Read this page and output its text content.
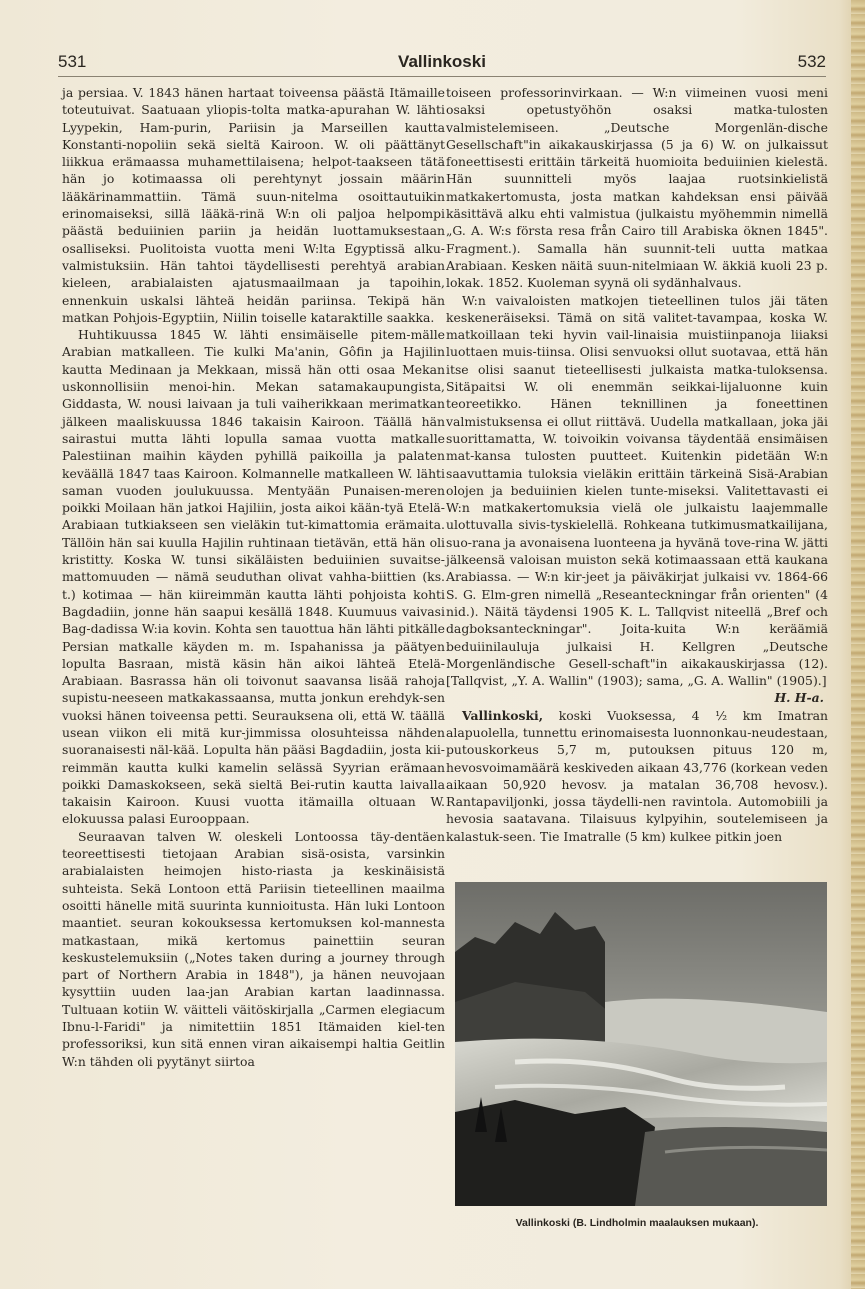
531	Vallinkoski	532

ja persiaa. V. 1843 hänen hartaat toiveensa päästä Itämaille toteutuivat. Saatuaan yliopis-tolta matka-apurahan W. lähti Lyypekin, Ham-purin, Pariisin ja Marseillen kautta Konstanti-nopoliin sekä sieltä Kairoon. W. oli päättänyt liikkua erämaassa muhamettilaisena; helpot-taakseen tätä hän jo kotimaassa oli perehtynyt jossain määrin lääkärinammattiin. Tämä suun-nitelma osoittautuikin erinomaiseksi, sillä lääkä-rinä W:n oli paljoa helpompi päästä beduiinien pariin ja heidän luottamuksestaan osalliseksi. Puolitoista vuotta meni W:lta Egyptissä alku-valmistuksiin. Hän tahtoi täydellisesti perehtyä arabian kieleen, arabialaisten ajatusmaailmaan ja tapoihin, ennenkuin uskalsi lähteä heidän pariinsa. Tekipä hän matkan Pohjois-Egyptiin, Niilin toiselle kataraktille saakka.

Huhtikuussa 1845 W. lähti ensimäiselle pitem-mälle Arabian matkalleen. Tie kulki Ma'anin, Gôfin ja Hajilin kautta Medinaan ja Mekkaan, missä hän otti osaa Mekan uskonnollisiin menoi-hin. Mekan satamakaupungista, Giddasta, W. nousi laivaan ja tuli vaiherikkaan merimatkan jälkeen maaliskuussa 1846 takaisin Kairoon. Täällä hän sairastui mutta lähti lopulla samaa vuotta matkalle Palestiinan maihin käyden pyhillä paikoilla ja palaten keväällä 1847 taas Kairoon. Kolmannelle matkalleen W. lähti saman vuoden joulukuussa. Mentyään Punaisen-meren poikki Moilaan hän jatkoi Hajiliin, josta aikoi kään-tyä Etelä-Arabiaan tutkiakseen sen vieläkin tut-kimattomia erämaita. Tällöin hän sai kuulla Hajilin ruhtinaan tietävän, että hän oli kristitty. Koska W. tunsi sikäläisten beduiinien suvaitse-mattomuuden — nämä seuduthan olivat vahha-biittien (ks. t.) kotimaa — hän kiireimmän kautta lähti pohjoista kohti Bagdadiin, jonne hän saapui kesällä 1848. Kuumuus vaivasi Bag-dadissa W:ia kovin. Kohta sen tauottua hän lähti pitkälle Persian matkalle käyden m. m. Ispahanissa ja päätyen lopulta Basraan, mistä käsin hän aikoi lähteä Etelä-Arabiaan. Basrassa hän oli toivonut saavansa lisää rahoja supistu-neeseen matkakassaansa, mutta jonkun erehdyk-sen vuoksi hänen toiveensa petti. Seurauksena oli, että W. täällä usean viikon eli mitä kur-jimmissa olosuhteissa nähden suoranaisesti näl-kää. Lopulta hän pääsi Bagdadiin, josta kii-reimmän kautta kulki kamelin selässä Syyrian erämaan poikki Damaskokseen, sekä sieltä Bei-rutin kautta laivalla takaisin Kairoon. Kuusi vuotta itämailla oltuaan W. elokuussa palasi Eurooppaan.

Seuraavan talven W. oleskeli Lontoossa täy-dentäen teoreettisesti tietojaan Arabian sisä-osista, varsinkin arabialaisten heimojen histo-riasta ja keskinäisistä suhteista. Sekä Lontoon että Pariisin tieteellinen maailma osoitti hänelle mitä suurinta kunnioitusta. Hän luki Lontoon maantiet. seuran kokouksessa kertomuksen kol-mannesta matkastaan, mikä kertomus painettiin seuran keskustelemuksiin („Notes taken during a journey through part of Northern Arabia in 1848"), ja hänen neuvojaan kysyttiin uuden laa-jan Arabian kartan laadinnassa. Tultuaan kotiin W. väitteli väitöskirjalla „Carmen elegiacum Ibnu-l-Faridi" ja nimitettiin 1851 Itämaiden kiel-ten professoriksi, kun sitä ennen viran aikaisempi haltia Geitlin W:n tähden oli pyytänyt siirtoa

toiseen professorinvirkaan. — W:n viimeinen vuosi meni osaksi opetustyöhön osaksi matka-tulosten valmistelemiseen. „Deutsche Morgenlän-dische Gesellschaft"in aikakauskirjassa (5 ja 6) W. on julkaissut foneettisesti erittäin tärkeitä huomioita beduiinien kielestä. Hän suunnitteli myös laajaa ruotsinkielistä matkakertomusta, josta matkan kahdeksan ensi päivää käsittävä alku ehti valmistua (julkaistu myöhemmin nimellä „G. A. W:s första resa från Cairo till Arabiska öknen 1845". Fragment.). Samalla hän suunnit-teli uutta matkaa Arabiaan. Kesken näitä suun-nitelmiaan W. äkkiä kuoli 23 p. lokak. 1852. Kuoleman syynä oli sydänhalvaus.

W:n vaivaloisten matkojen tieteellinen tulos jäi täten keskeneräiseksi. Tämä on sitä valitet-tavampaa, koska W. matkoillaan teki hyvin vail-linaisia muistiinpanoja liiaksi luottaen muis-tiinsa. Olisi senvuoksi ollut suotavaa, että hän itse olisi saanut tieteellisesti julkaista matka-tuloksensa. Sitäpaitsi W. oli enemmän seikkai-lijaluonne kuin teoreetikko. Hänen teknillinen ja foneettinen valmistuksensa ei ollut riittävä. Uudella matkallaan, joka jäi suorittamatta, W. toivoikin voivansa täydentää ensimäisen mat-kansa tulosten puutteet. Kuitenkin pidetään W:n saavuttamia tuloksia vieläkin erittäin tärkeinä Sisä-Arabian olojen ja beduiinien kielen tunte-miseksi. Valitettavasti ei W:n matkakertomuksia vielä ole julkaistu laajemmalle ulottuvalla sivis-tyskielellä. Rohkeana tutkimusmatkailijana, suo-rana ja avonaisena luonteena ja hyvänä tove-rina W. jätti jälkeensä valoisan muiston sekä kotimaassaan että kaukana Arabiassa. — W:n kir-jeet ja päiväkirjat julkaisi vv. 1864-66 S. G. Elm-gren nimellä „Reseanteckningar från orienten" (4 nid.). Näitä täydensi 1905 K. L. Tallqvist niteellä „Bref och dagboksanteckningar". Joita-kuita W:n keräämiä beduiinilauluja julkaisi H. Kellgren „Deutsche Morgenländische Gesell-schaft"in aikakauskirjassa (12). [Tallqvist, „Y. A. Wallin" (1903); sama, „G. A. Wallin" (1905).]

H. H-a.

Vallinkoski, koski Vuoksessa, 4 ½ km Imatran alapuolella, tunnettu erinomaisesta luonnonkau-neudestaan, putouskorkeus 5,7 m, putouksen pituus 120 m, hevosvoimamäärä keskiveden aikaan 43,776 (korkean veden aikaan 50,920 hevosv. ja matalan 36,708 hevosv.). Rantapaviljonki, jossa täydelli-nen ravintola. Automobiili ja hevosia saatavana. Tilaisuus kylpyihin, soutelemiseen ja kalastuk-seen. Tie Imatralle (5 km) kulkee pitkin joen

Vallinkoski (B. Lindholmin maalauksen mukaan).
